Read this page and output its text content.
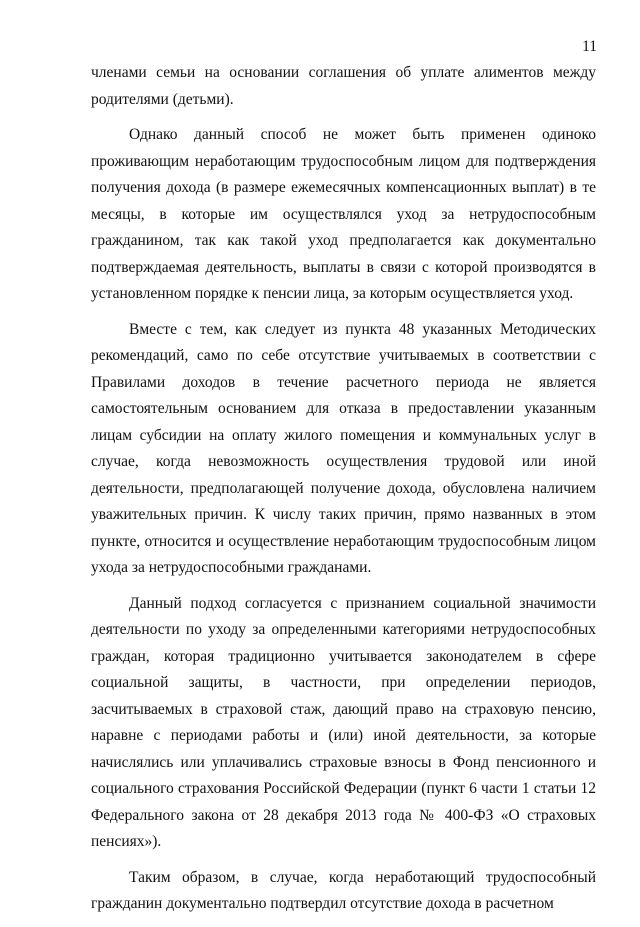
11

членами семьи на основании соглашения об уплате алиментов между родителями (детьми).

Однако данный способ не может быть применен одиноко проживающим неработающим трудоспособным лицом для подтверждения получения дохода (в размере ежемесячных компенсационных выплат) в те месяцы, в которые им осуществлялся уход за нетрудоспособным гражданином, так как такой уход предполагается как документально подтверждаемая деятельность, выплаты в связи с которой производятся в установленном порядке к пенсии лица, за которым осуществляется уход.

Вместе с тем, как следует из пункта 48 указанных Методических рекомендаций, само по себе отсутствие учитываемых в соответствии с Правилами доходов в течение расчетного периода не является самостоятельным основанием для отказа в предоставлении указанным лицам субсидии на оплату жилого помещения и коммунальных услуг в случае, когда невозможность осуществления трудовой или иной деятельности, предполагающей получение дохода, обусловлена наличием уважительных причин. К числу таких причин, прямо названных в этом пункте, относится и осуществление неработающим трудоспособным лицом ухода за нетрудоспособными гражданами.

Данный подход согласуется с признанием социальной значимости деятельности по уходу за определенными категориями нетрудоспособных граждан, которая традиционно учитывается законодателем в сфере социальной защиты, в частности, при определении периодов, засчитываемых в страховой стаж, дающий право на страховую пенсию, наравне с периодами работы и (или) иной деятельности, за которые начислялись или уплачивались страховые взносы в Фонд пенсионного и социального страхования Российской Федерации (пункт 6 части 1 статьи 12 Федерального закона от 28 декабря 2013 года № 400-ФЗ «О страховых пенсиях»).

Таким образом, в случае, когда неработающий трудоспособный гражданин документально подтвердил отсутствие дохода в расчетном
